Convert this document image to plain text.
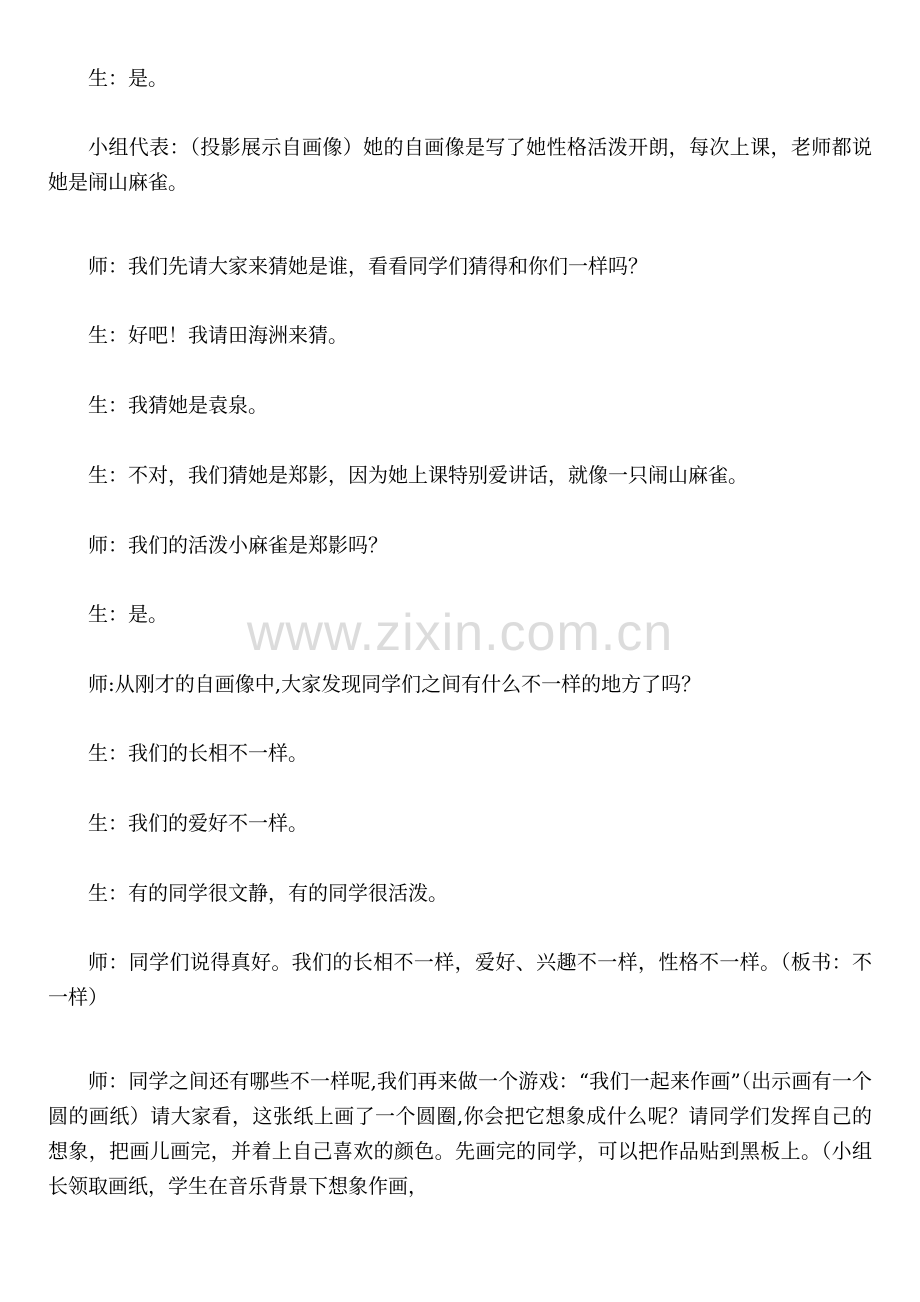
生：是。

小组代表：（投影展示自画像）她的自画像是写了她性格活泼开朗，每次上课，老师都说她是闹山麻雀。

师：我们先请大家来猜她是谁，看看同学们猜得和你们一样吗？

生：好吧！我请田海洲来猜。

生：我猜她是袁泉。

生：不对，我们猜她是郑影，因为她上课特别爱讲话，就像一只闹山麻雀。

师：我们的活泼小麻雀是郑影吗？

生：是。

师:从刚才的自画像中,大家发现同学们之间有什么不一样的地方了吗？

生：我们的长相不一样。

生：我们的爱好不一样。

生：有的同学很文静，有的同学很活泼。

师：同学们说得真好。我们的长相不一样，爱好、兴趣不一样，性格不一样。（板书：不一样）

师：同学之间还有哪些不一样呢,我们再来做一个游戏：“我们一起来作画”（出示画有一个圆的画纸）请大家看，这张纸上画了一个圆圈,你会把它想象成什么呢？请同学们发挥自己的想象，把画儿画完，并着上自己喜欢的颜色。先画完的同学，可以把作品贴到黑板上。（小组长领取画纸，学生在音乐背景下想象作画，

www.zixin.com.cn
